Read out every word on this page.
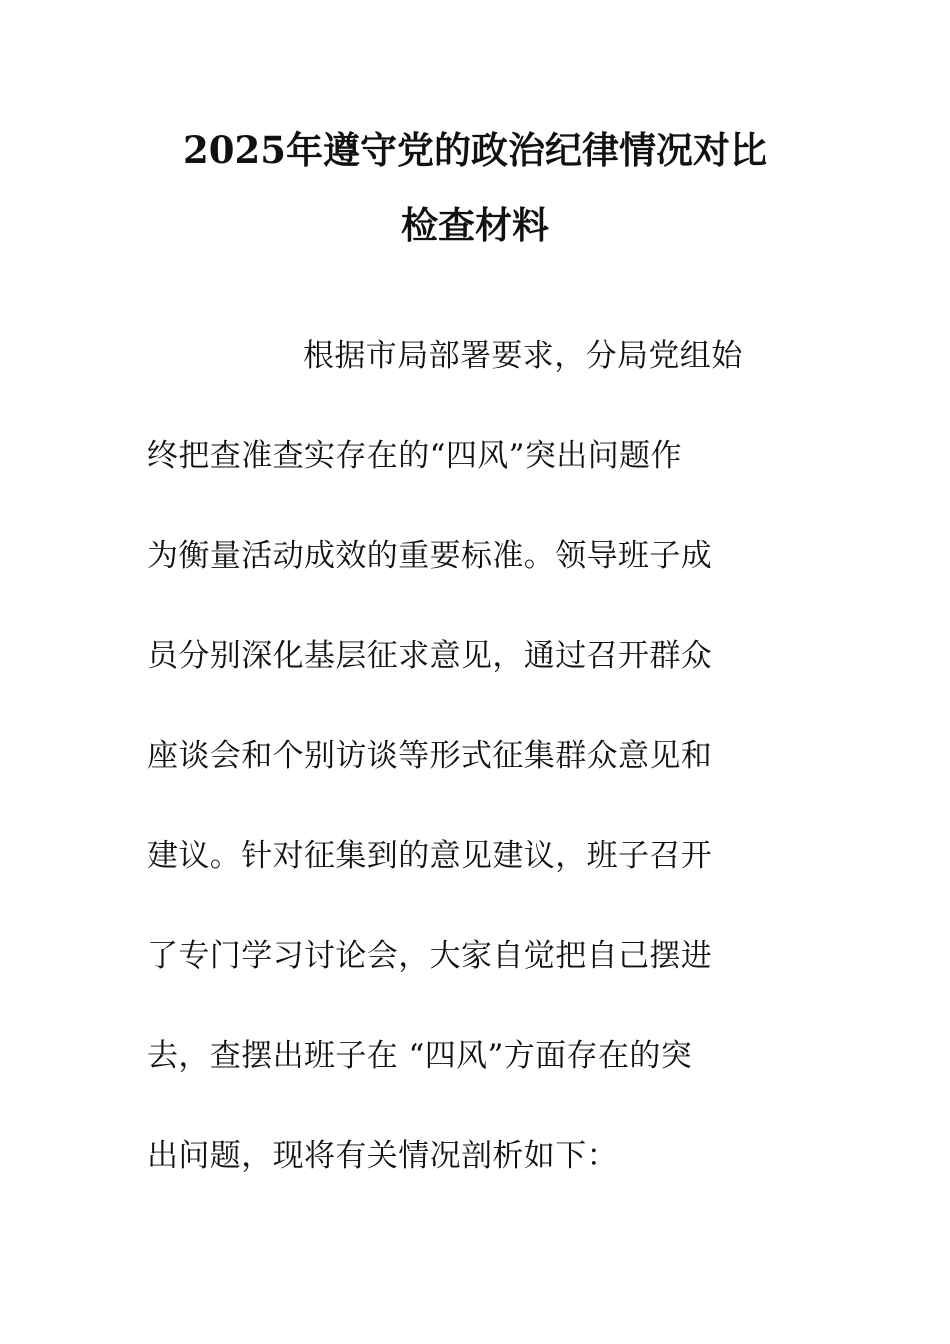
2025年遵守党的政治纪律情况对比
检查材料
根据市局部署要求，分局党组始
终把查准查实存在的“四风”突出问题作
为衡量活动成效的重要标准。领导班子成
员分别深化基层征求意见，通过召开群众
座谈会和个别访谈等形式征集群众意见和
建议。针对征集到的意见建议，班子召开
了专门学习讨论会，大家自觉把自己摆进
去，查摆出班子在 “四风”方面存在的突
出问题，现将有关情况剖析如下：
